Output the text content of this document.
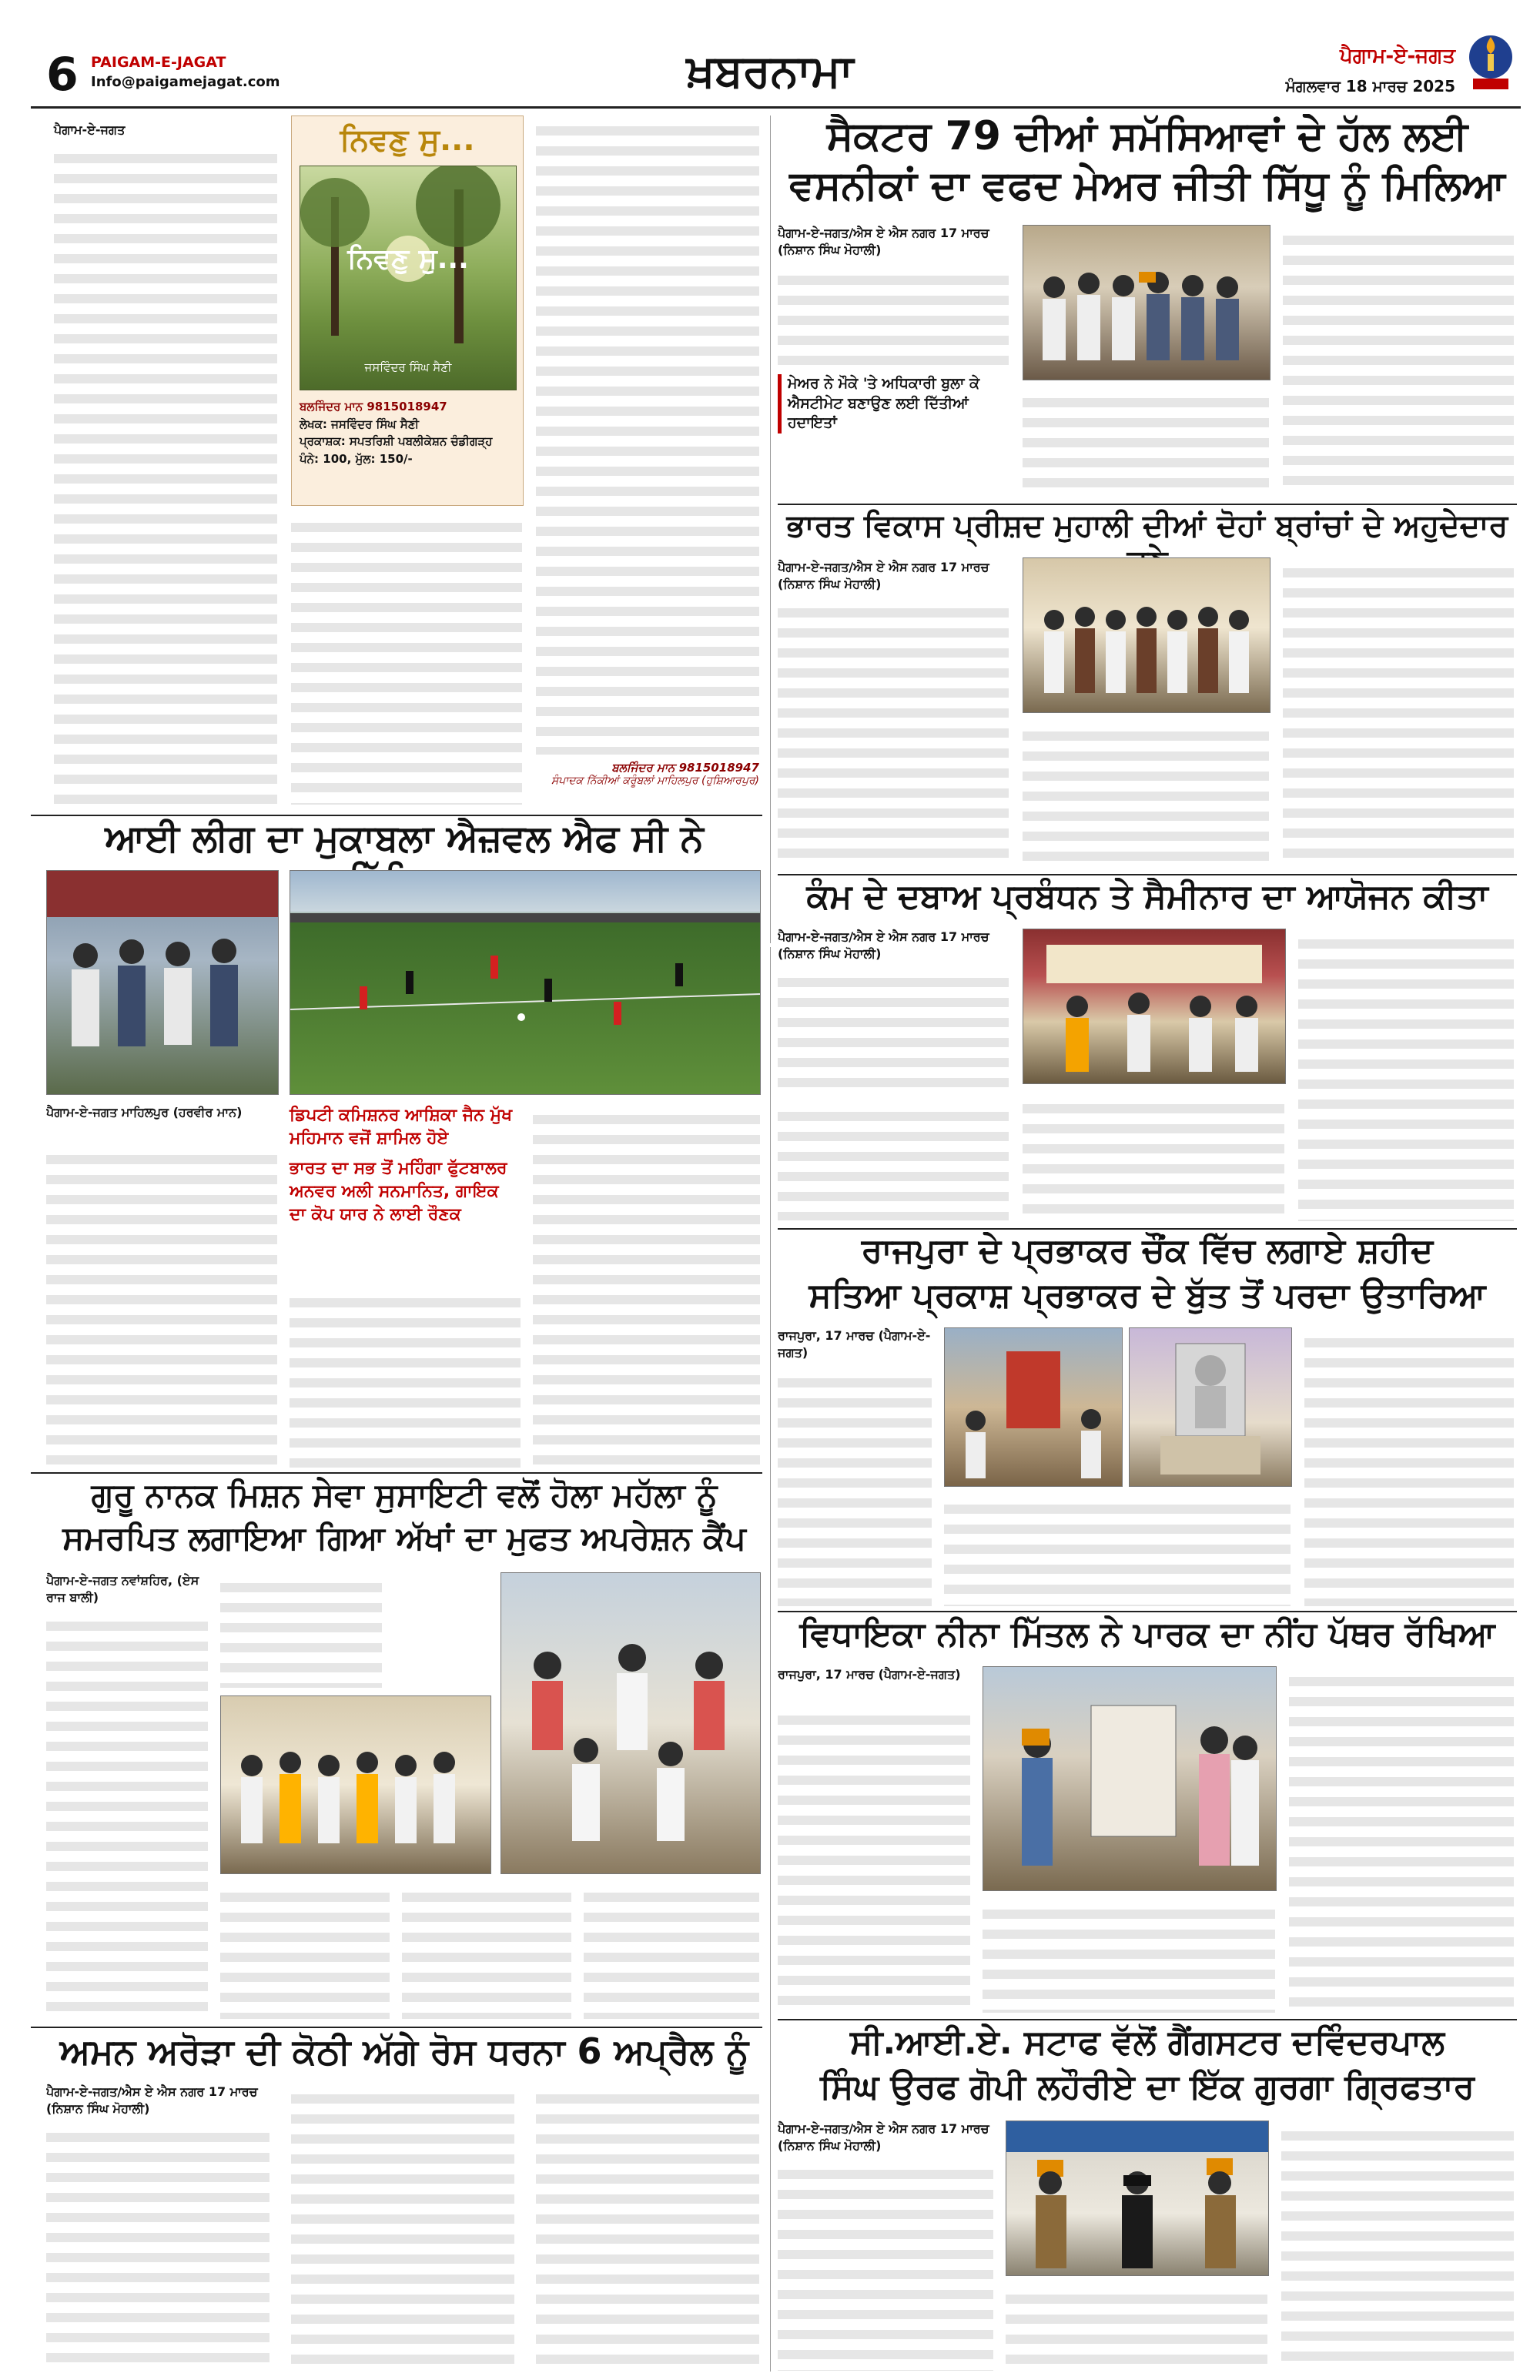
6 PAIGAM-E-JAGAT
Info@paigamejagat.com	ਖ਼ਬਰਨਾਮਾ	ਪੈਗਾਮ-ਏ-ਜਗਤ
ਮੰਗਲਵਾਰ 18 ਮਾਰਚ 2025
ਪੈਗਾਮ-ਏ-ਜਗਤ	ਨਿਵਣੁ ਸੁ...
ਨਿਵਣੁ ਸੁ...
ਜਸਵਿੰਦਰ ਸਿੰਘ ਸੈਣੀ
ਬਲਜਿੰਦਰ ਮਾਨ 9815018947
ਲੇਖਕ: ਜਸਵਿੰਦਰ ਸਿੰਘ ਸੈਣੀ
ਪ੍ਰਕਾਸ਼ਕ: ਸਪਤਰਿਸ਼ੀ ਪਬਲੀਕੇਸ਼ਨ ਚੰਡੀਗੜ੍ਹ
ਪੰਨੇ: 100, ਮੁੱਲ: 150/-
ਬਲਜਿੰਦਰ ਮਾਨ 9815018947
ਸੰਪਾਦਕ ਨਿੱਕੀਆਂ ਕਰੂੰਬਲਾਂ ਮਾਹਿਲਪੁਰ (ਹੁਸ਼ਿਆਰਪੁਰ)
ਸੈਕਟਰ 79 ਦੀਆਂ ਸਮੱਸਿਆਵਾਂ ਦੇ ਹੱਲ ਲਈ
ਵਸਨੀਕਾਂ ਦਾ ਵਫਦ ਮੇਅਰ ਜੀਤੀ ਸਿੱਧੂ ਨੂੰ ਮਿਲਿਆ
ਪੈਗਾਮ-ਏ-ਜਗਤ/ਐਸ ਏ ਐਸ ਨਗਰ 17 ਮਾਰਚ (ਨਿਸ਼ਾਨ ਸਿੰਘ ਮੋਹਾਲੀ)
ਮੇਅਰ ਨੇ ਮੌਕੇ 'ਤੇ ਅਧਿਕਾਰੀ ਬੁਲਾ ਕੇ ਐਸਟੀਮੇਟ ਬਣਾਉਣ ਲਈ ਦਿੱਤੀਆਂ ਹਦਾਇਤਾਂ
ਭਾਰਤ ਵਿਕਾਸ ਪ੍ਰੀਸ਼ਦ ਮੁਹਾਲੀ ਦੀਆਂ ਦੋਹਾਂ ਬ੍ਰਾਂਚਾਂ ਦੇ ਅਹੁਦੇਦਾਰ
ਪੈਗਾਮ-ਏ-ਜਗਤ/ਐਸ ਏ ਐਸ ਨਗਰ 17 ਮਾਰਚ (ਨਿਸ਼ਾਨ ਸਿੰਘ ਮੋਹਾਲੀ)
ਆਈ ਲੀਗ ਦਾ ਮੁਕਾਬਲਾ ਐਜ਼ਵਲ ਐਫ ਸੀ ਨੇ
ਪੈਗਾਮ-ਏ-ਜਗਤ ਮਾਹਿਲਪੁਰ (ਹਰਵੀਰ ਮਾਨ)	ਡਿਪਟੀ ਕਮਿਸ਼ਨਰ ਆਸ਼ਿਕਾ ਜੈਨ ਮੁੱਖ ਮਹਿਮਾਨ ਵਜੋਂ ਸ਼ਾਮਿਲ ਹੋਏ
ਭਾਰਤ ਦਾ ਸਭ ਤੋਂ ਮਹਿੰਗਾ ਫੁੱਟਬਾਲਰ ਅਨਵਰ ਅਲੀ ਸਨਮਾਨਿਤ, ਗਾਇਕ ਦਾ ਕੋਪ ਯਾਰ ਨੇ ਲਾਈ ਰੌਣਕ
ਕੰਮ ਦੇ ਦਬਾਅ ਪ੍ਰਬੰਧਨ ਤੇ ਸੈਮੀਨਾਰ ਦਾ ਆਯੋਜਨ ਕੀਤਾ
ਪੈਗਾਮ-ਏ-ਜਗਤ/ਐਸ ਏ ਐਸ ਨਗਰ 17 ਮਾਰਚ (ਨਿਸ਼ਾਨ ਸਿੰਘ ਮੋਹਾਲੀ)
ਰਾਜਪੁਰਾ ਦੇ ਪ੍ਰਭਾਕਰ ਚੌਂਕ ਵਿੱਚ ਲਗਾਏ ਸ਼ਹੀਦ
ਸਤਿਆ ਪ੍ਰਕਾਸ਼ ਪ੍ਰਭਾਕਰ ਦੇ ਬੁੱਤ ਤੋਂ ਪਰਦਾ ਉਤਾਰਿਆ
ਰਾਜਪੁਰਾ, 17 ਮਾਰਚ (ਪੈਗਾਮ-ਏ-ਜਗਤ)
ਗੁਰੂ ਨਾਨਕ ਮਿਸ਼ਨ ਸੇਵਾ ਸੁਸਾਇਟੀ ਵਲੋਂ ਹੋਲਾ ਮਹੱਲਾ ਨੂੰ
ਸਮਰਪਿਤ ਲਗਾਇਆ ਗਿਆ ਅੱਖਾਂ ਦਾ ਮੁਫਤ ਅਪਰੇਸ਼ਨ ਕੈਂਪ
ਪੈਗਾਮ-ਏ-ਜਗਤ ਨਵਾਂਸ਼ਹਿਰ, (ਏਸ ਰਾਜ ਬਾਲੀ)
ਵਿਧਾਇਕਾ ਨੀਨਾ ਮਿੱਤਲ ਨੇ ਪਾਰਕ ਦਾ ਨੀਂਹ ਪੱਥਰ ਰੱਖਿਆ
ਰਾਜਪੁਰਾ, 17 ਮਾਰਚ (ਪੈਗਾਮ-ਏ-ਜਗਤ)
ਸੀ.ਆਈ.ਏ. ਸਟਾਫ ਵੱਲੋਂ ਗੈਂਗਸਟਰ ਦਵਿੰਦਰਪਾਲ
ਸਿੰਘ ਉਰਫ ਗੋਪੀ ਲਹੌਰੀਏ ਦਾ ਇੱਕ ਗੁਰਗਾ ਗ੍ਰਿਫਤਾਰ
ਪੈਗਾਮ-ਏ-ਜਗਤ/ਐਸ ਏ ਐਸ ਨਗਰ 17 ਮਾਰਚ (ਨਿਸ਼ਾਨ ਸਿੰਘ ਮੋਹਾਲੀ)
ਅਮਨ ਅਰੋੜਾ ਦੀ ਕੋਠੀ ਅੱਗੇ ਰੋਸ ਧਰਨਾ 6 ਅਪ੍ਰੈਲ ਨੂੰ
ਪੈਗਾਮ-ਏ-ਜਗਤ/ਐਸ ਏ ਐਸ ਨਗਰ 17 ਮਾਰਚ (ਨਿਸ਼ਾਨ ਸਿੰਘ ਮੋਹਾਲੀ)
